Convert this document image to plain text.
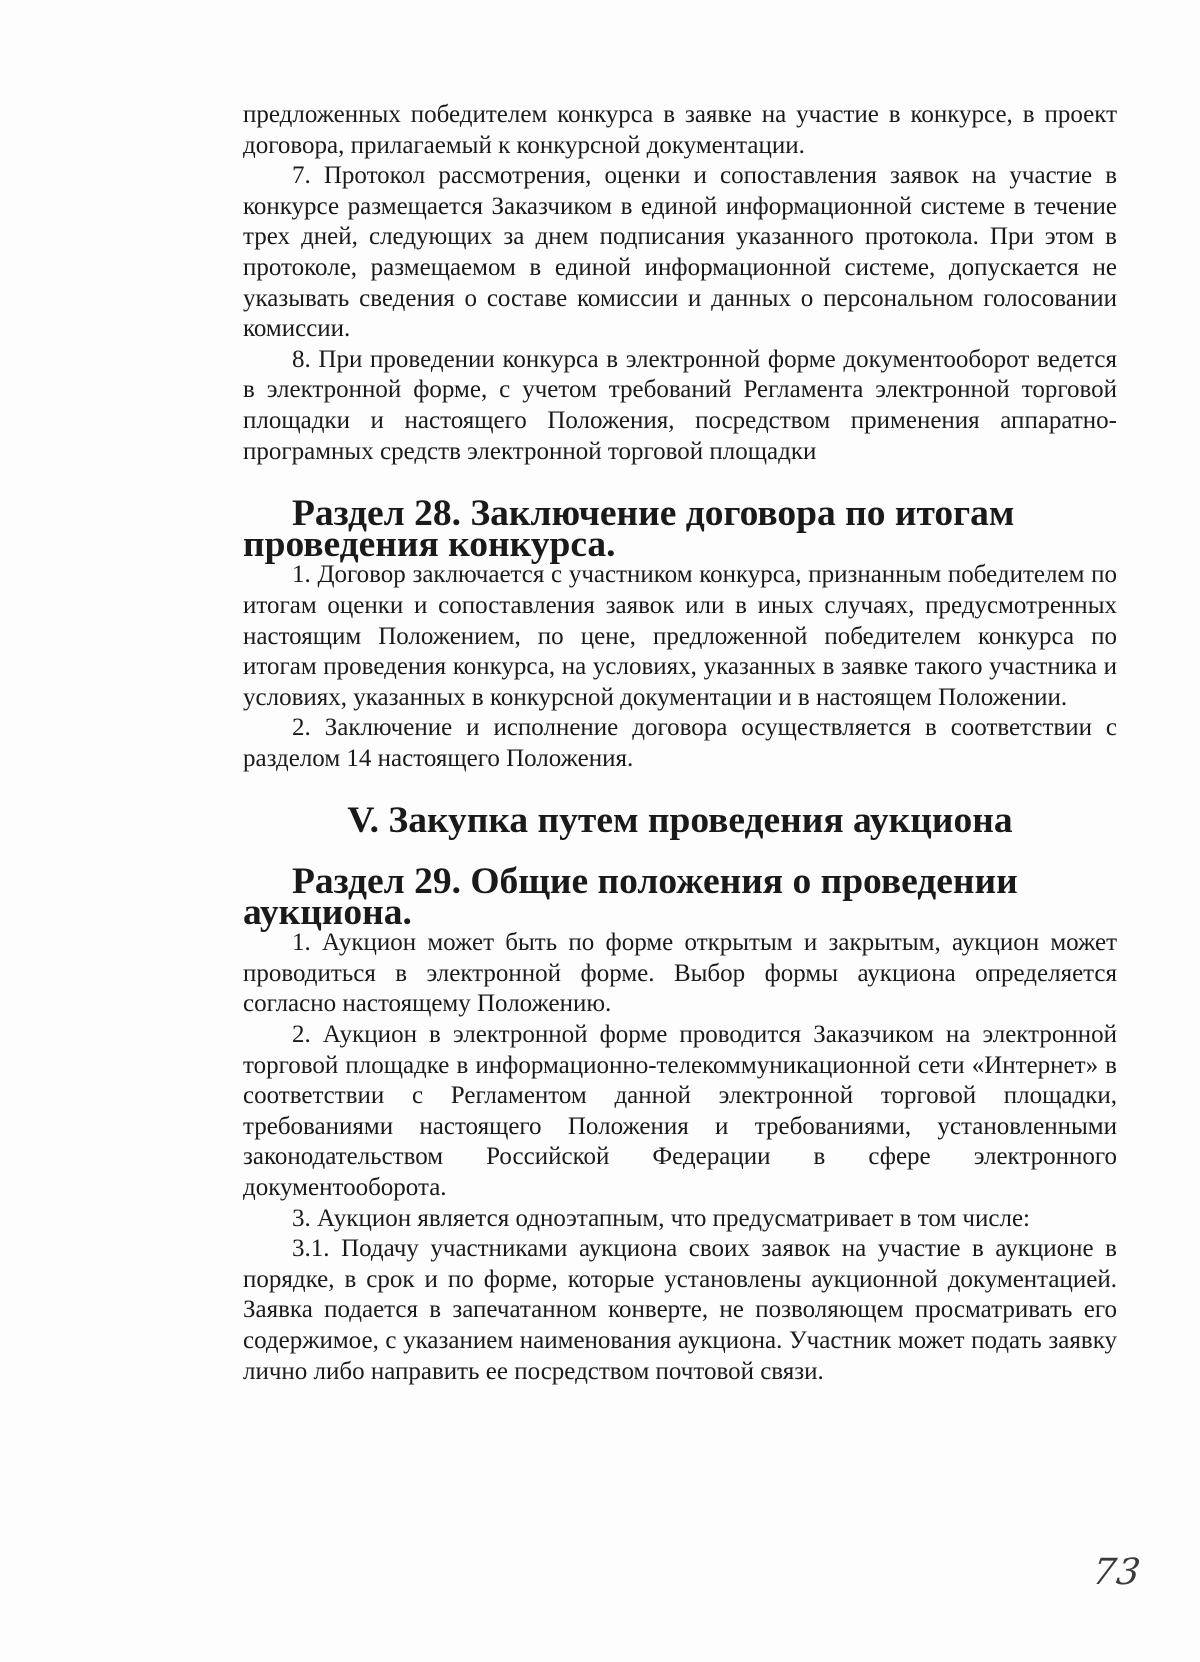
предложенных победителем конкурса в заявке на участие в конкурсе, в проект договора, прилагаемый к конкурсной документации.

7. Протокол рассмотрения, оценки и сопоставления заявок на участие в конкурсе размещается Заказчиком в единой информационной системе в течение трех дней, следующих за днем подписания указанного протокола. При этом в протоколе, размещаемом в единой информационной системе, допускается не указывать сведения о составе комиссии и данных о персональном голосовании комиссии.

8. При проведении конкурса в электронной форме документооборот ведется в электронной форме, с учетом требований Регламента электронной торговой площадки и настоящего Положения, посредством применения аппаратно-програмных средств электронной торговой площадки

Раздел 28. Заключение договора по итогам проведения конкурса.

1. Договор заключается с участником конкурса, признанным победителем по итогам оценки и сопоставления заявок или в иных случаях, предусмотренных настоящим Положением, по цене, предложенной победителем конкурса по итогам проведения конкурса, на условиях, указанных в заявке такого участника и условиях, указанных в конкурсной документации и в настоящем Положении.

2. Заключение и исполнение договора осуществляется в соответствии с разделом 14 настоящего Положения.

V. Закупка путем проведения аукциона
Раздел 29. Общие положения о проведении аукциона.

1. Аукцион может быть по форме открытым и закрытым, аукцион может проводиться в электронной форме. Выбор формы аукциона определяется согласно настоящему Положению.

2. Аукцион в электронной форме проводится Заказчиком на электронной торговой площадке в информационно-телекоммуникационной сети «Интернет» в соответствии с Регламентом данной электронной торговой площадки, требованиями настоящего Положения и требованиями, установленными законодательством Российской Федерации в сфере электронного документооборота.

3. Аукцион является одноэтапным, что предусматривает в том числе:

3.1. Подачу участниками аукциона своих заявок на участие в аукционе в порядке, в срок и по форме, которые установлены аукционной документацией. Заявка подается в запечатанном конверте, не позволяющем просматривать его содержимое, с указанием наименования аукциона. Участник может подать заявку лично либо направить ее посредством почтовой связи.

73
